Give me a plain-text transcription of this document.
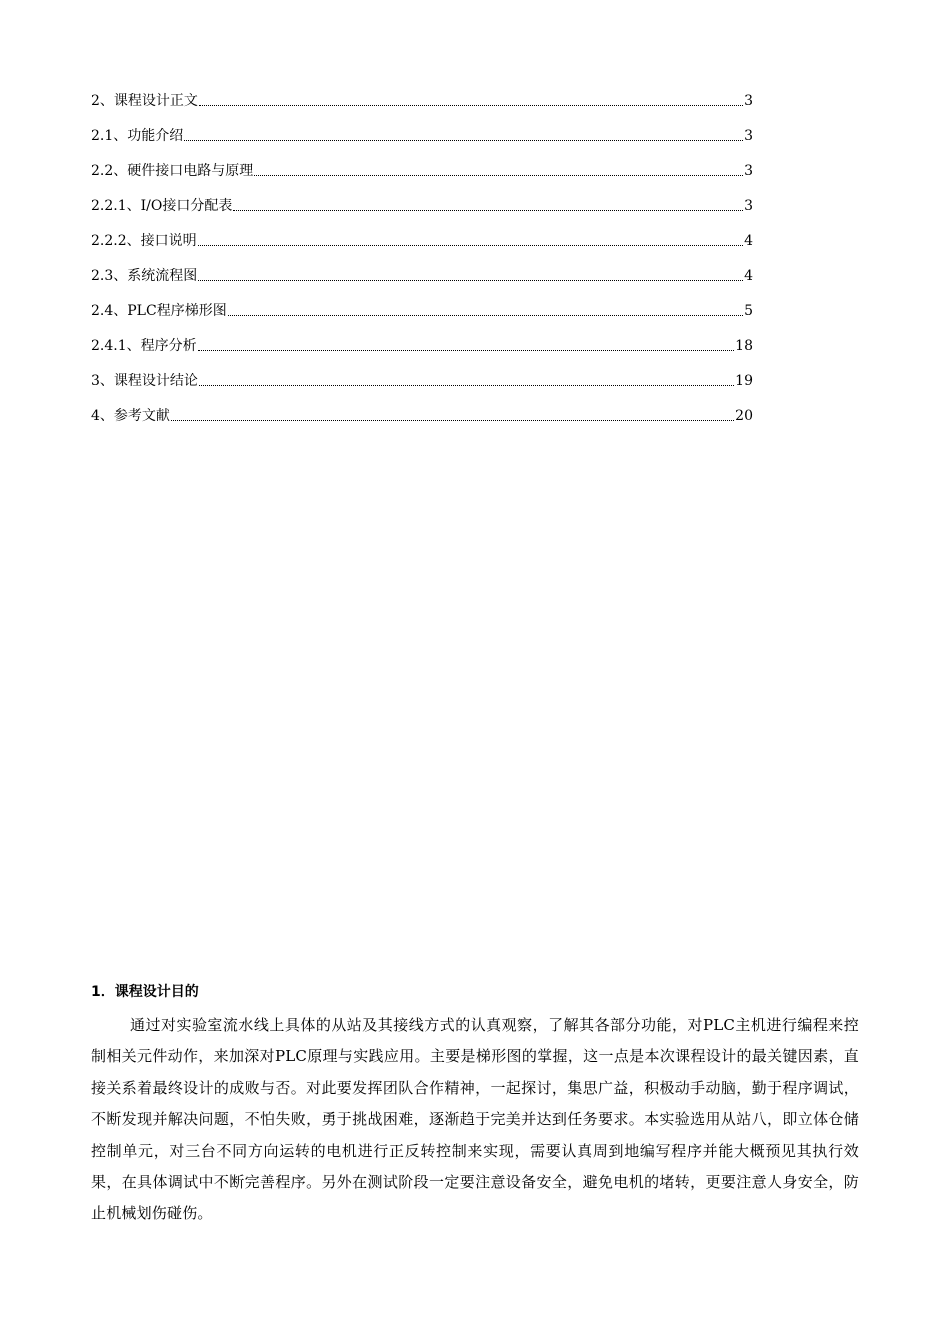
2、课程设计正文	3
2.1、功能介绍	3
2.2、硬件接口电路与原理	3
2.2.1、I/O接口分配表	3
2.2.2、接口说明	4
2.3、系统流程图	4
2.4、PLC程序梯形图	5
2.4.1、程序分析	18
3、课程设计结论	19
4、参考文献	20
1．课程设计目的

通过对实验室流水线上具体的从站及其接线方式的认真观察，了解其各部分功能，对PLC主机进行编程来控制相关元件动作，来加深对PLC原理与实践应用。主要是梯形图的掌握，这一点是本次课程设计的最关键因素，直接关系着最终设计的成败与否。对此要发挥团队合作精神，一起探讨，集思广益，积极动手动脑，勤于程序调试，不断发现并解决问题，不怕失败，勇于挑战困难，逐渐趋于完美并达到任务要求。本实验选用从站八，即立体仓储控制单元，对三台不同方向运转的电机进行正反转控制来实现，需要认真周到地编写程序并能大概预见其执行效果，在具体调试中不断完善程序。另外在测试阶段一定要注意设备安全，避免电机的堵转，更要注意人身安全，防止机械划伤碰伤。
